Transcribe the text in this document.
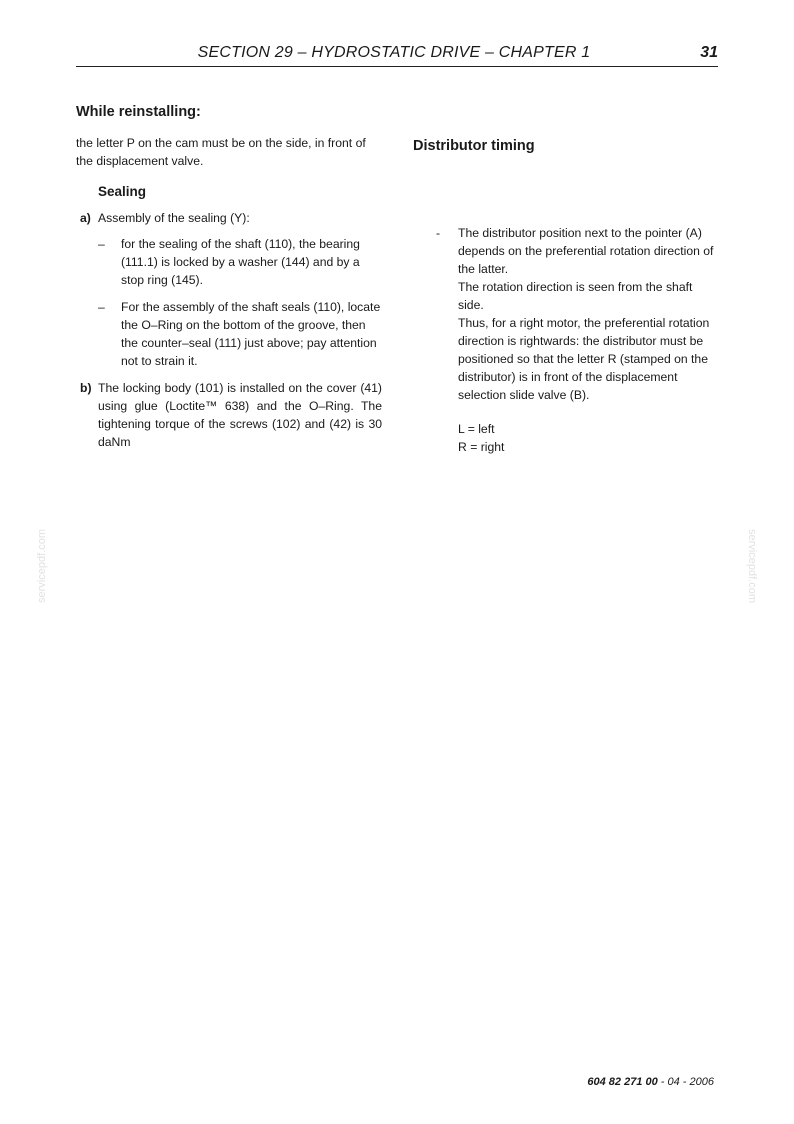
SECTION 29 – HYDROSTATIC DRIVE – CHAPTER 1	31
While reinstalling:

the letter P on the cam must be on the side, in front of the displacement valve.

Sealing
a) Assembly of the sealing (Y):
– for the sealing of the shaft (110), the bearing (111.1) is locked by a washer (144) and by a stop ring (145).
– For the assembly of the shaft seals (110), locate the O–Ring on the bottom of the groove, then the counter–seal (111) just above; pay attention not to strain it.
b) The locking body (101) is installed on the cover (41) using glue (Loctite™ 638) and the O–Ring. The tightening torque of the screws (102) and (42) is 30 daNm
Distributor timing
- The distributor position next to the pointer (A) depends on the preferential rotation direction of the latter.

The rotation direction is seen from the shaft side.

Thus, for a right motor, the preferential rotation direction is rightwards: the distributor must be positioned so that the letter R (stamped on the distributor) is in front of the displacement selection slide valve (B).

L = left
R = right
servicepdf.com	servicepdf.com
604 82 271 00 - 04 - 2006
